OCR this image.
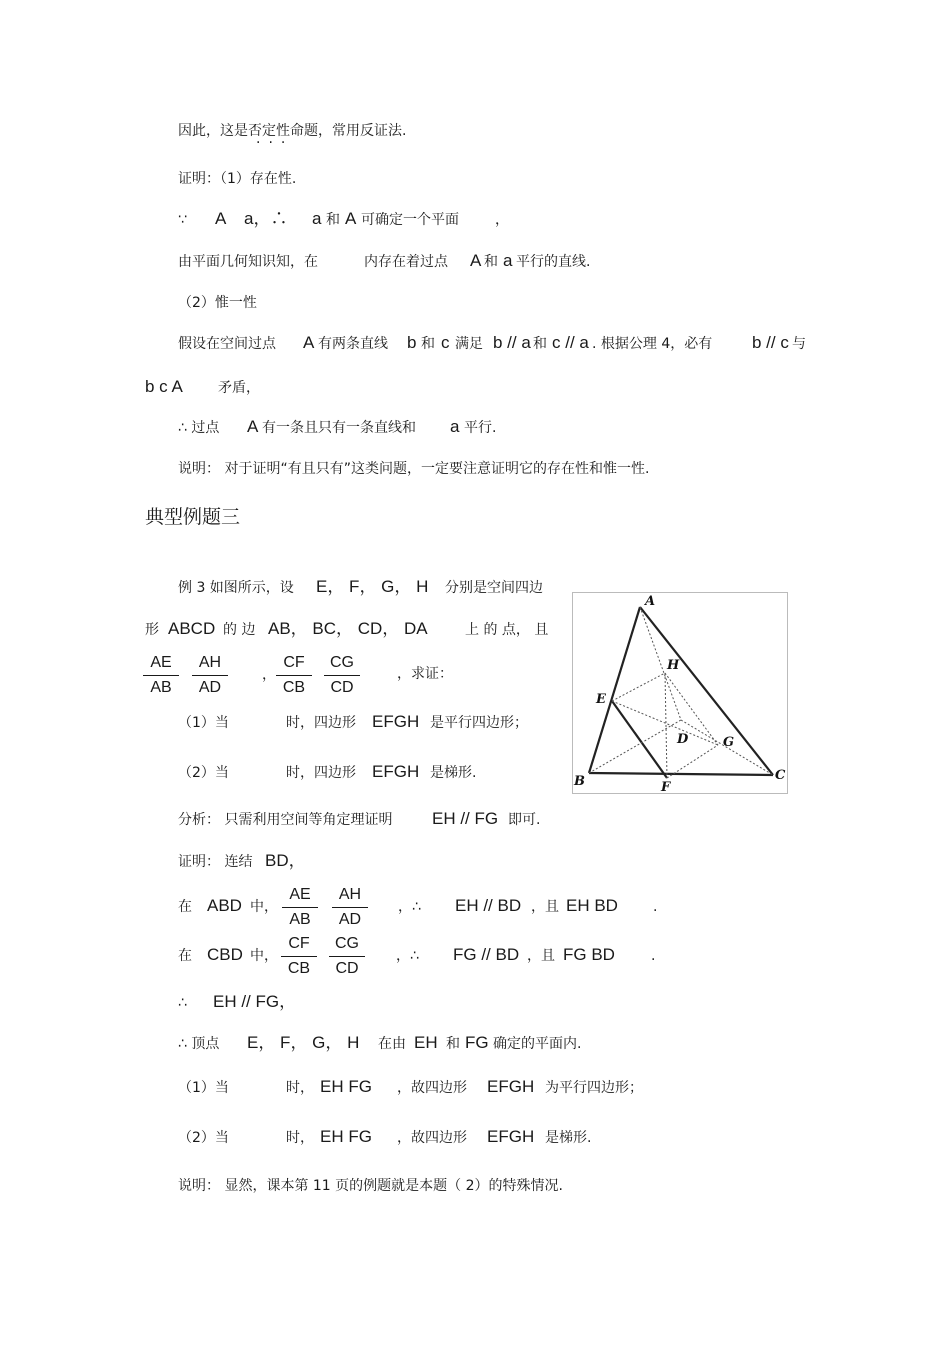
因此，这是否定性命题，常用反证法.
···
证明：（1）存在性.
∵ A a，∴ a 和 A 可确定一个平面	，
由平面几何知识知，在	内存在着过点 A 和 a 平行的直线.
（2）惟一性
假设在空间过点 A 有两条直线 b 和 c 满足 b // a 和 c // a . 根据公理 4，必有 b // c 与
b c A	矛盾，
∴ 过点 A 有一条且只有一条直线和 a 平行.
说明： 对于证明“有且只有”这类问题，一定要注意证明它的存在性和惟一性.
典型例题三
例 3 如图所示，设 E， F， G， H 分别是空间四边
形 ABCD 的 边 AB， BC， CD， DA	上 的 点， 且
AE
AB
AH
AD
，
CF
CB
CG
CD
，求证：
（1）当	时，四边形 EFGH 是平行四边形；
（2）当	时，四边形 EFGH 是梯形.
A
B	C
D
E
F
G
H
分析： 只需利用空间等角定理证明 EH // FG 即可.
证明： 连结 BD，
在 ABD 中，
AE
AB
AH
AD
，∴ EH // BD ，且 EH BD	.
在 CBD 中，
CF
CB
CG
CD
，∴ FG // BD ，且 FG BD	.
∴ EH // FG，
∴ 顶点 E， F， G， H 在由 EH 和 FG 确定的平面内.
（1）当	时， EH FG ，故四边形 EFGH 为平行四边形；
（2）当	时， EH FG ，故四边形 EFGH 是梯形.
说明： 显然，课本第 11 页的例题就是本题（ 2）的特殊情况.
